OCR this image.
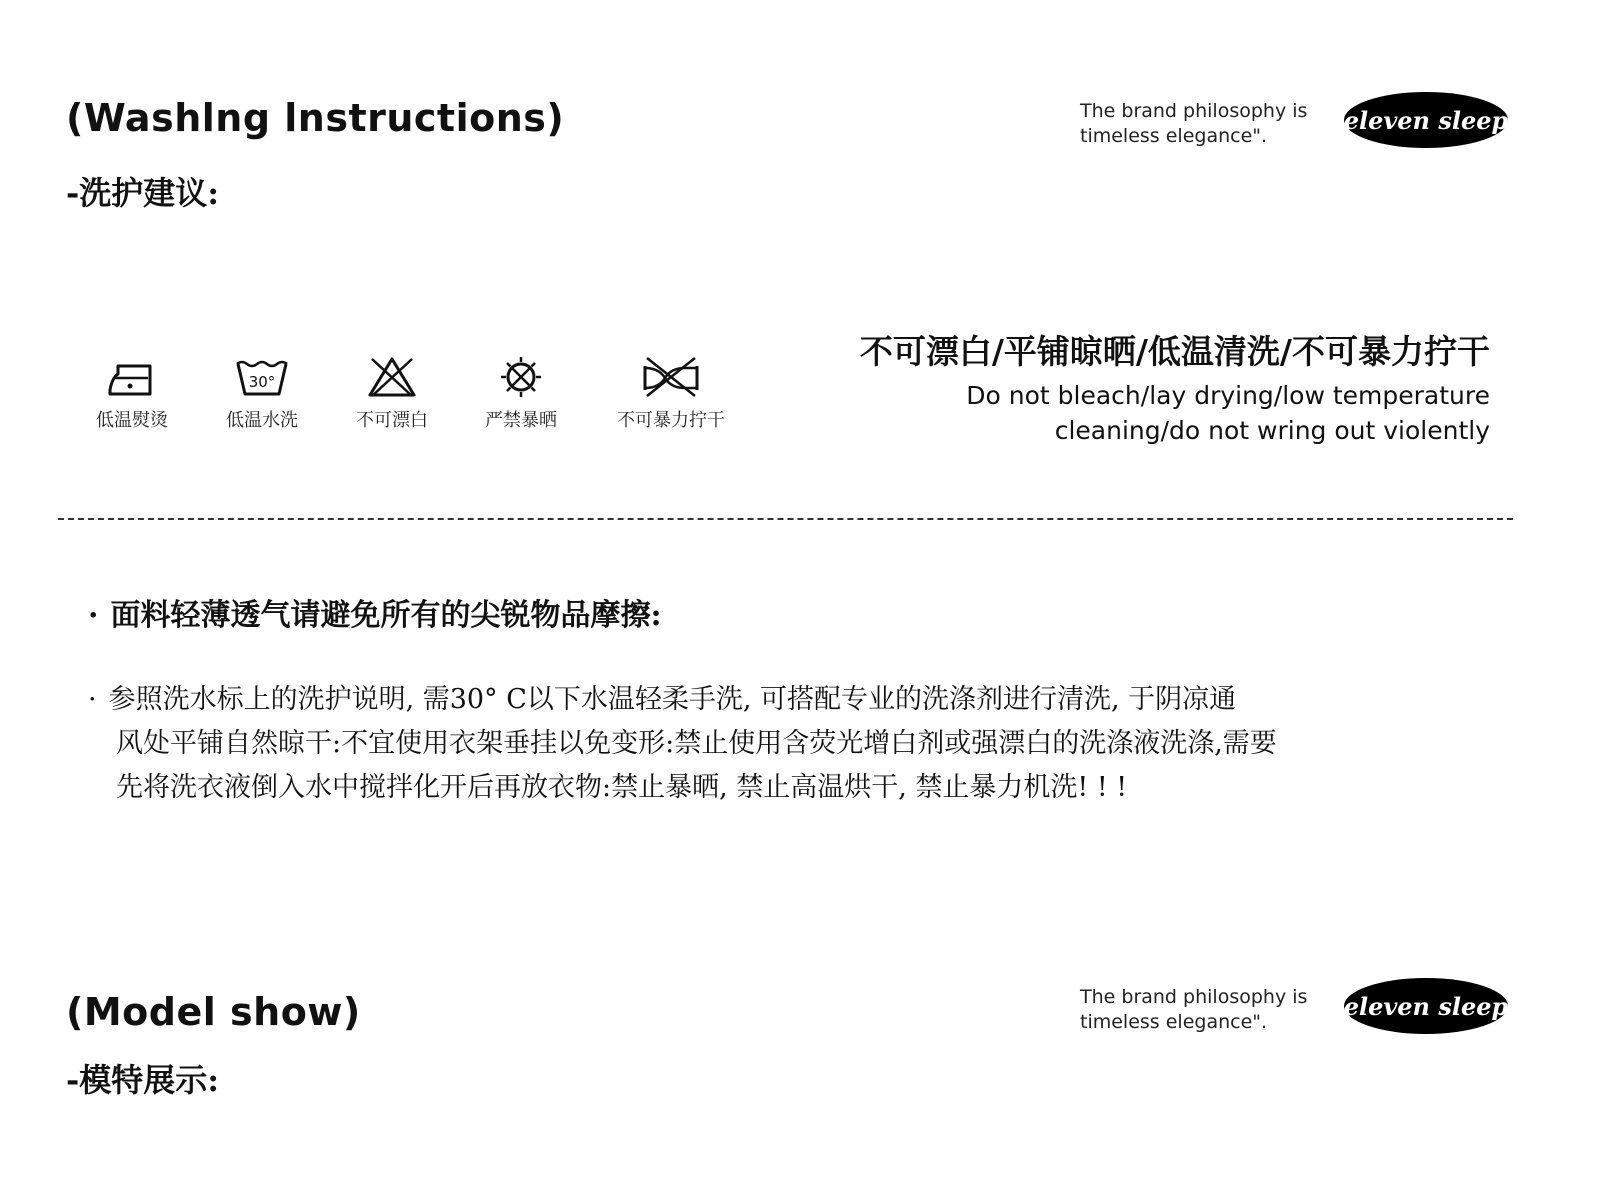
(Washlng lnstructions)
-洗护建议:
The brand philosophy is
timeless elegance".
eleven sleep
低温熨烫
30°
低温水洗	不可漂白	严禁暴晒	不可暴力拧干
不可漂白/平铺晾晒/低温清洗/不可暴力拧干
Do not bleach/lay drying/low temperature
cleaning/do not wring out violently
· 面料轻薄透气请避免所有的尖锐物品摩擦:
· 参照洗水标上的洗护说明, 需30° C以下水温轻柔手洗, 可搭配专业的洗涤剂进行清洗, 于阴凉通
风处平铺自然晾干:不宜使用衣架垂挂以免变形:禁止使用含荧光增白剂或强漂白的洗涤液洗涤,需要
先将洗衣液倒入水中搅拌化开后再放衣物:禁止暴晒, 禁止高温烘干, 禁止暴力机洗! ! !
(Model show)
-模特展示:
The brand philosophy is
timeless elegance".
eleven sleep
